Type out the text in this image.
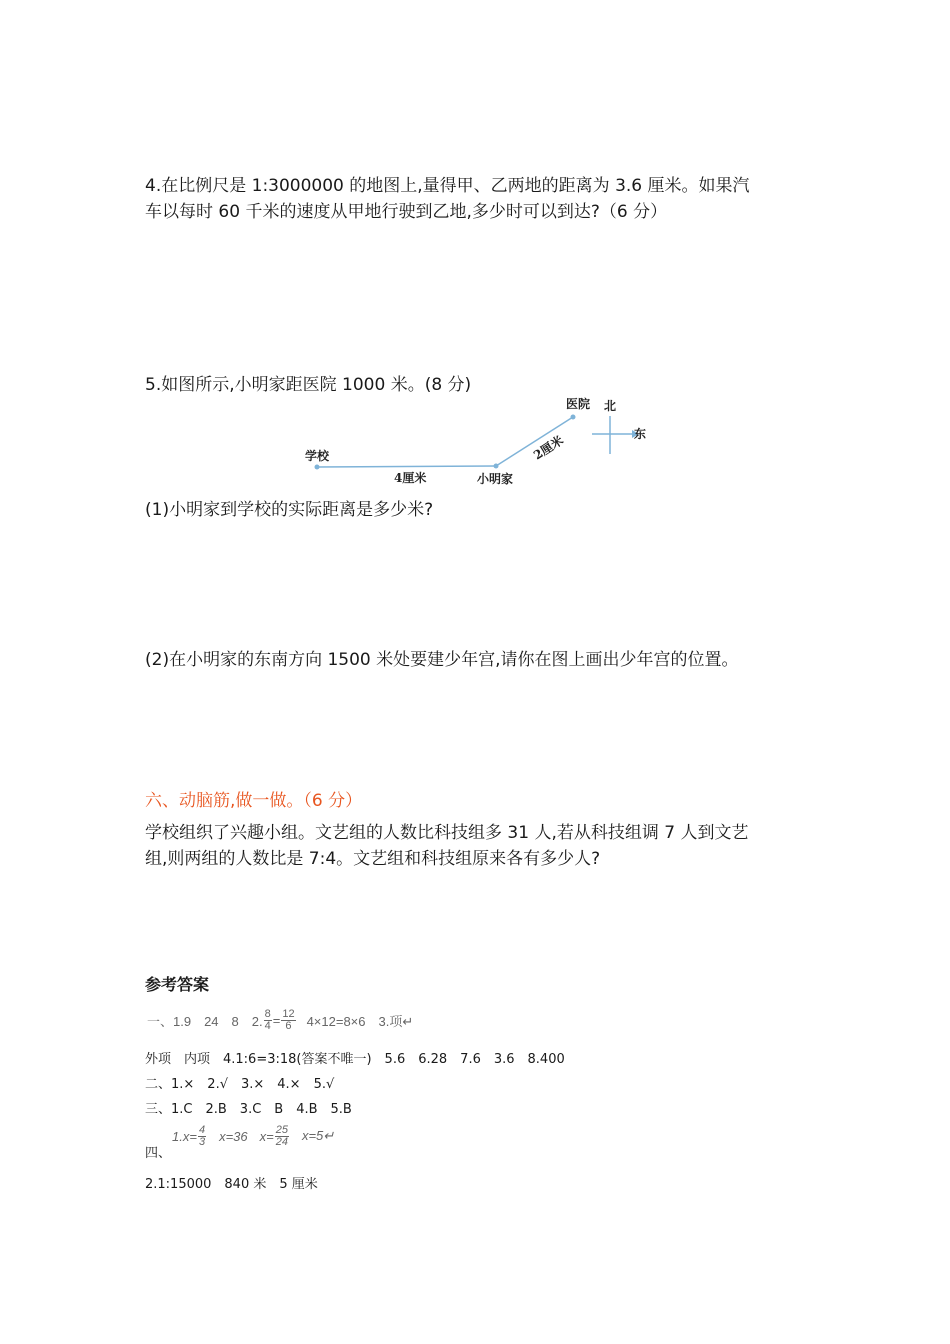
4.在比例尺是 1:3000000 的地图上,量得甲、乙两地的距离为 3.6 厘米。如果汽
车以每时 60 千米的速度从甲地行驶到乙地,多少时可以到达?（6 分）
5.如图所示,小明家距医院 1000 米。(8 分)
学校
4厘米	小明家
医院 北
东
2厘米
(1)小明家到学校的实际距离是多少米?
(2)在小明家的东南方向 1500 米处要建少年宫,请你在图上画出少年宫的位置。
六、动脑筋,做一做。（6 分）
学校组织了兴趣小组。文艺组的人数比科技组多 31 人,若从科技组调 7 人到文艺
组,则两组的人数比是 7:4。文艺组和科技组原来各有多少人?
参考答案
一、1.9　24　8　2. $\frac{8}{4} = \frac{12}{6} 4\times 12=8\times 6$　3.项↵
外项　内项　4.1:6=3:18(答案不唯一)　5.6　6.28　7.6　3.6　8.400
二、1.×　2.√　3.×　4.×　5.√
三、1.C　2.B　3.C　B　4.B　5.B
$1.x= \frac{4}{3} x=36$ $x= \frac{25}{24}$ x=5↵
四、
2.1:15000　840 米　5 厘米
